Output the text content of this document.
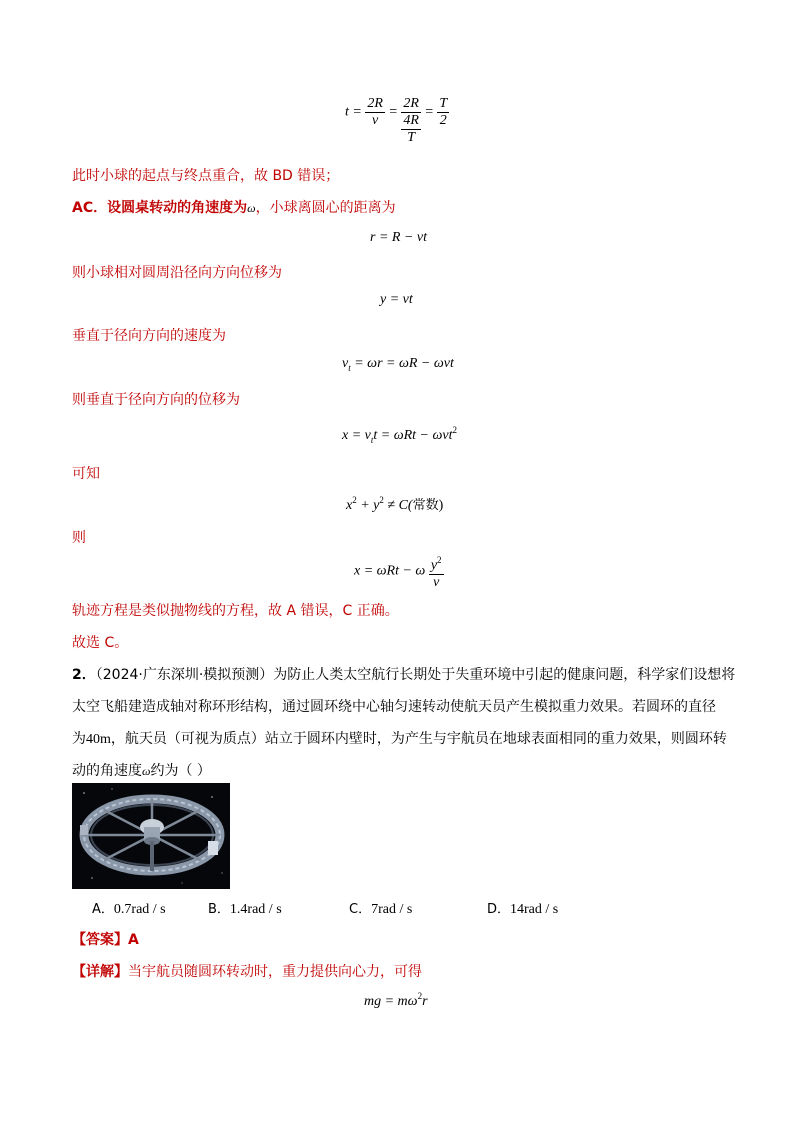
$t = \frac{2R}{v} = \frac{2R}{\frac{4R}{T}} = \frac{T}{2}$
此时小球的起点与终点重合，故 BD 错误；
AC．设圆桌转动的角速度为ω，小球离圆心的距离为
r = R − vt
则小球相对圆周沿径向方向位移为
y = vt
垂直于径向方向的速度为
$v_t = \omega r = \omega R - \omega vt$
则垂直于径向方向的位移为
$x = v_tt = \omega Rt - \omega vt^2$
可知
$x^2 + y^2 \ne C$(常数)
则
x = ωRt − ω $\frac{y^2}{v}$
轨迹方程是类似抛物线的方程，故 A 错误，C 正确。
故选 C。
2．（2024·广东深圳·模拟预测）为防止人类太空航行长期处于失重环境中引起的健康问题，科学家们设想将
太空飞船建造成轴对称环形结构，通过圆环绕中心轴匀速转动使航天员产生模拟重力效果。若圆环的直径
为40m，航天员（可视为质点）站立于圆环内壁时，为产生与宇航员在地球表面相同的重力效果，则圆环转
动的角速度ω约为（ ）
A．0.7rad / s	B．1.4rad / s	C．7rad / s	D．14rad / s
【答案】A
【详解】当宇航员随圆环转动时，重力提供向心力，可得
mg = $m\omega^2r$
